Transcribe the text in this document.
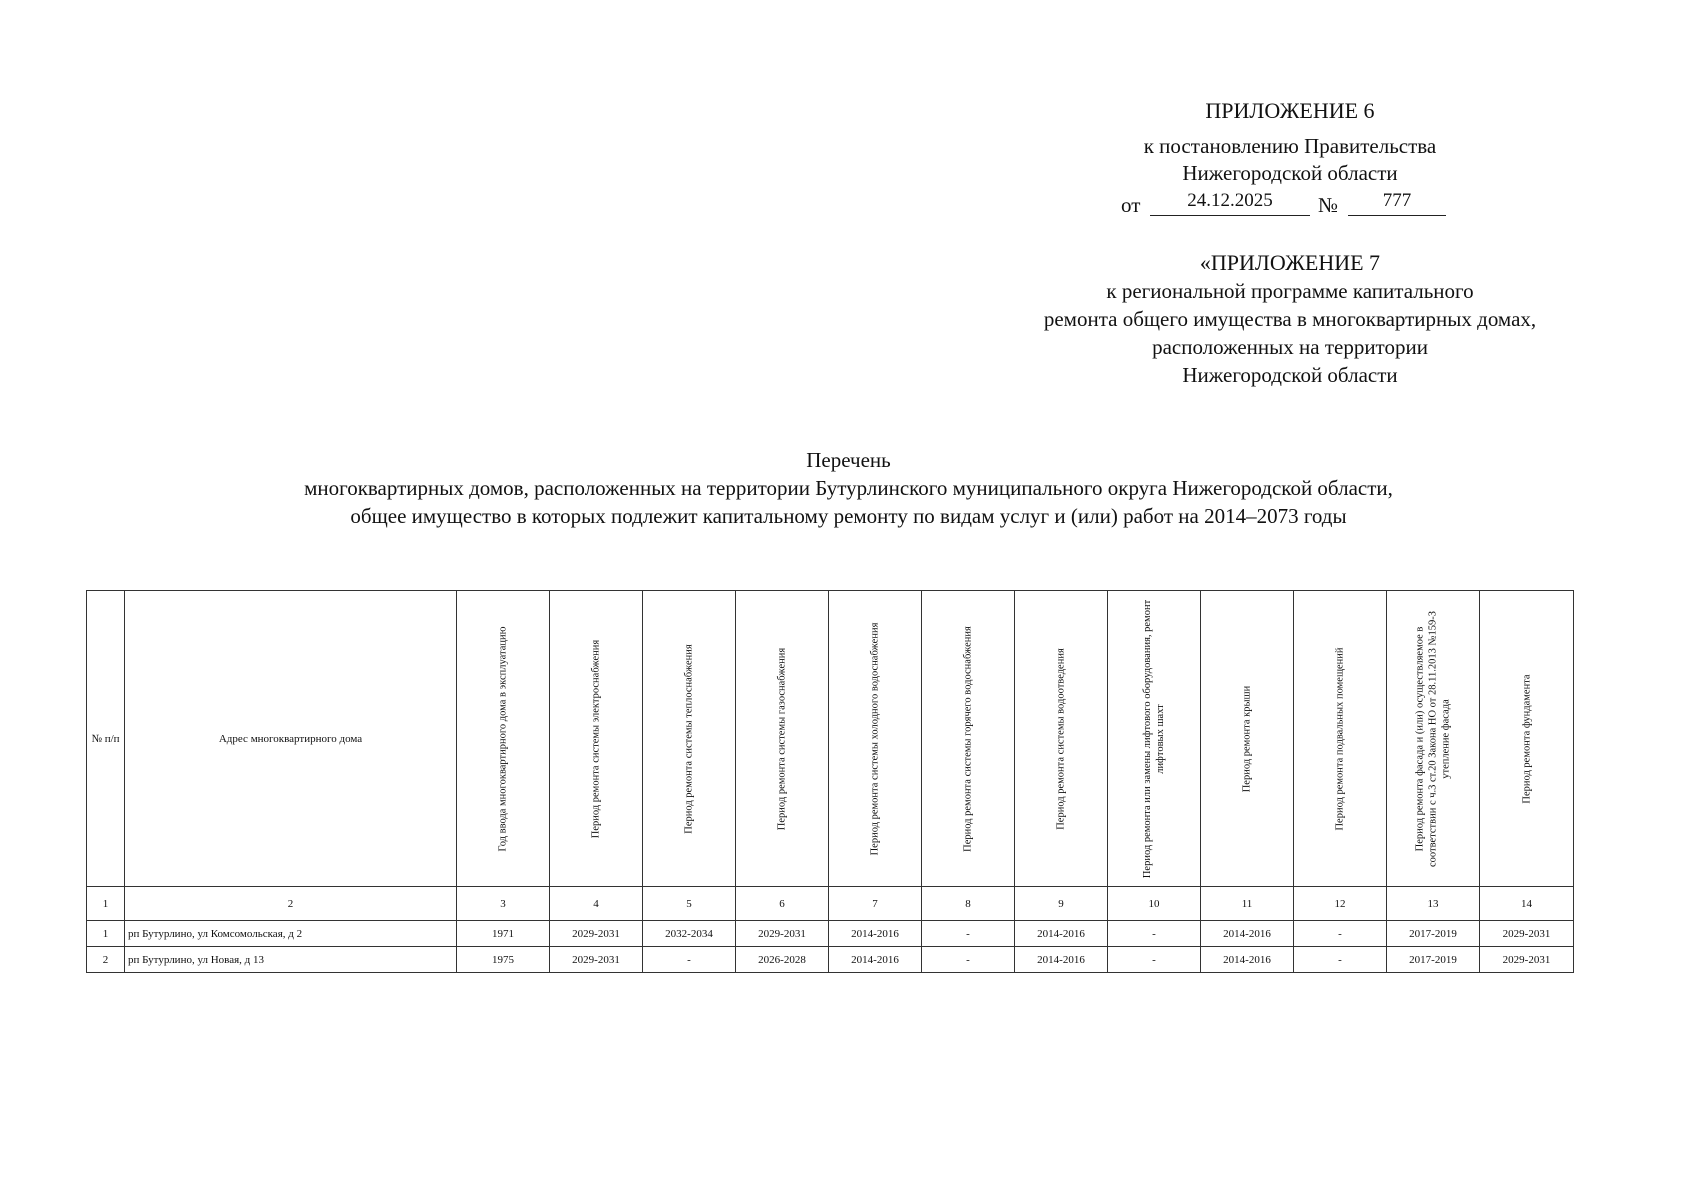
ПРИЛОЖЕНИЕ 6
к постановлению Правительства
Нижегородской области
от	24.12.2025	№	777
«ПРИЛОЖЕНИЕ 7
к региональной программе капитального
ремонта общего имущества в многоквартирных домах,
расположенных на территории
Нижегородской области
Перечень
многоквартирных домов, расположенных на территории Бутурлинского муниципального округа Нижегородской области,
общее имущество в которых подлежит капитальному ремонту по видам услуг и (или) работ на 2014–2073 годы
№ п/п	Адрес многоквартирного дома	Год ввода многоквартирного дома в эксплуатацию	Период ремонта системы электроснабжения	Период ремонта системы теплоснабжения	Период ремонта системы газоснабжения	Период ремонта системы холодного водоснабжения	Период ремонта системы горячего водоснабжения	Период ремонта системы водоотведения	Период ремонта или замены лифтового оборудования, ремонт лифтовых шахт	Период ремонта крыши	Период ремонта подвальных помещений	Период ремонта фасада и (или) осуществляемое в соответствии с ч.3 ст.20 Закона НО от 28.11.2013 №159-З утепление фасада	Период ремонта фундамента

1	2	3	4	5	6	7	8	9	10	11	12	13	14
1	рп Бутурлино, ул Комсомольская, д 2	1971	2029-2031	2032-2034	2029-2031	2014-2016	-	2014-2016	-	2014-2016	-	2017-2019	2029-2031
2	рп Бутурлино, ул Новая, д 13	1975	2029-2031	-	2026-2028	2014-2016	-	2014-2016	-	2014-2016	-	2017-2019	2029-2031
